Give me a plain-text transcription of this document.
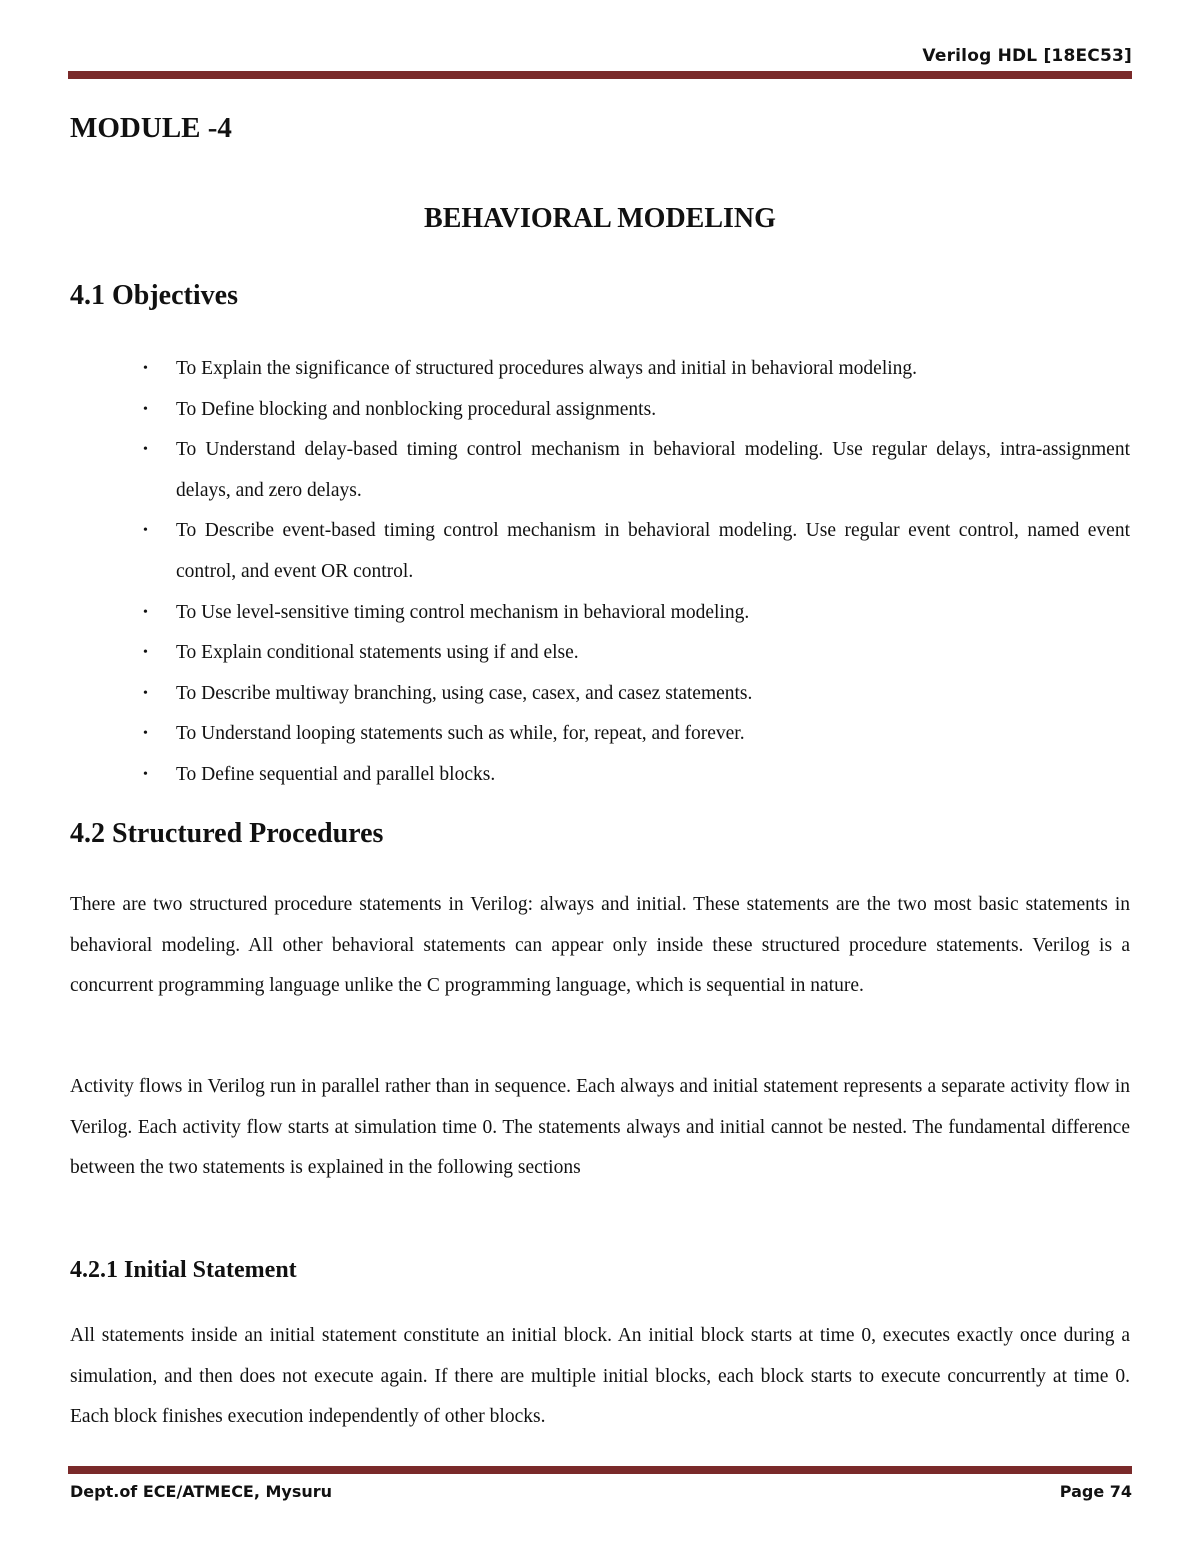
Verilog HDL [18EC53]
MODULE -4
BEHAVIORAL MODELING
4.1 Objectives
• To Explain the significance of structured procedures always and initial in behavioral modeling.
• To Define blocking and nonblocking procedural assignments.
• To Understand delay-based timing control mechanism in behavioral modeling. Use regular delays, intra-assignment delays, and zero delays.
• To Describe event-based timing control mechanism in behavioral modeling. Use regular event control, named event control, and event OR control.
• To Use level-sensitive timing control mechanism in behavioral modeling.
• To Explain conditional statements using if and else.
• To Describe multiway branching, using case, casex, and casez statements.
• To Understand looping statements such as while, for, repeat, and forever.
• To Define sequential and parallel blocks.
4.2 Structured Procedures

There are two structured procedure statements in Verilog: always and initial. These statements are the two most basic statements in behavioral modeling. All other behavioral statements can appear only inside these structured procedure statements. Verilog is a concurrent programming language unlike the C programming language, which is sequential in nature.

Activity flows in Verilog run in parallel rather than in sequence. Each always and initial statement represents a separate activity flow in Verilog. Each activity flow starts at simulation time 0. The statements always and initial cannot be nested. The fundamental difference between the two statements is explained in the following sections

4.2.1 Initial Statement

All statements inside an initial statement constitute an initial block. An initial block starts at time 0, executes exactly once during a simulation, and then does not execute again. If there are multiple initial blocks, each block starts to execute concurrently at time 0. Each block finishes execution independently of other blocks.

Dept.of ECE/ATMECE, Mysuru	Page 74
